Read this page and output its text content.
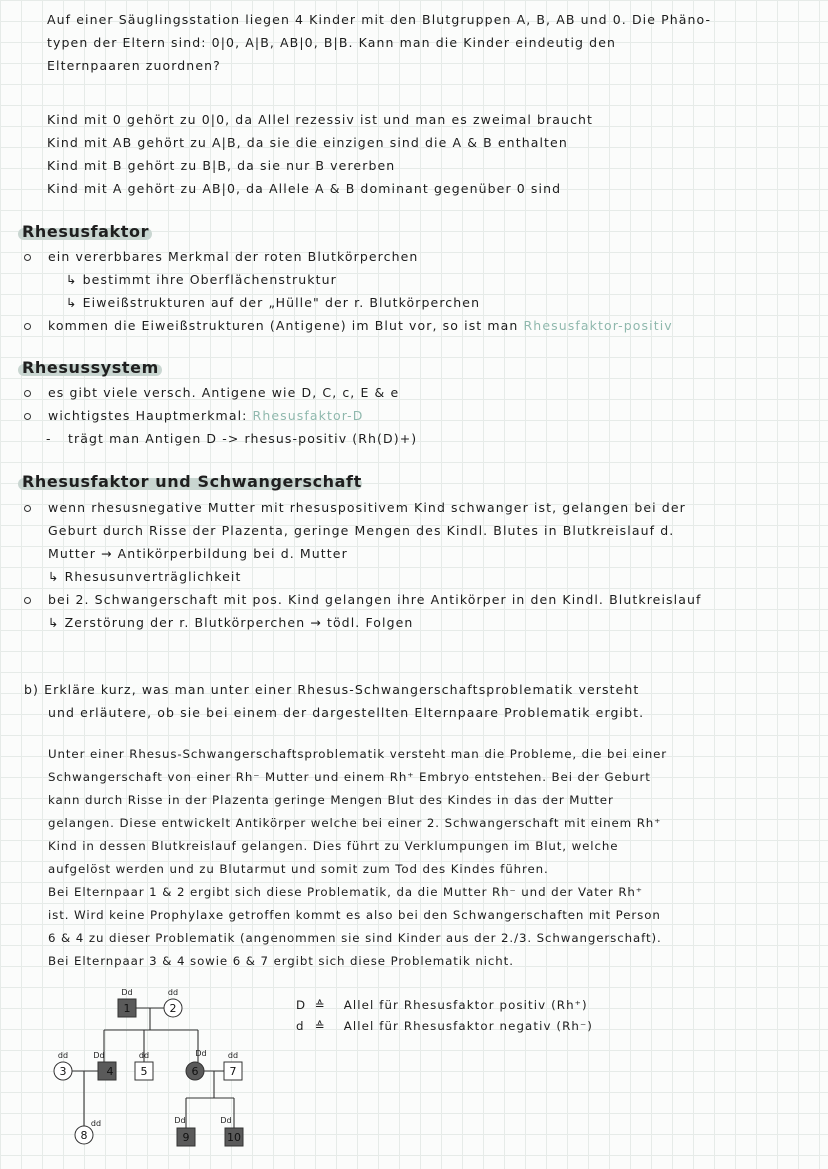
Auf einer Säuglingsstation liegen 4 Kinder mit den Blutgruppen A, B, AB und 0. Die Phäno-

typen der Eltern sind: 0|0, A|B, AB|0, B|B. Kann man die Kinder eindeutig den

Elternpaaren zuordnen?

Kind mit 0 gehört zu 0|0, da Allel rezessiv ist und man es zweimal braucht

Kind mit AB gehört zu A|B, da sie die einzigen sind die A & B enthalten

Kind mit B gehört zu B|B, da sie nur B vererben

Kind mit A gehört zu AB|0, da Allele A & B dominant gegenüber 0 sind

Rhesusfaktor
ein vererbbares Merkmal der roten Blutkörperchen
↳ bestimmt ihre Oberflächenstruktur
↳ Eiweißstrukturen auf der „Hülle" der r. Blutkörperchen
kommen die Eiweißstrukturen (Antigene) im Blut vor, so ist man Rhesusfaktor-positiv
Rhesussystem
es gibt viele versch. Antigene wie D, C, c, E & e
wichtigstes Hauptmerkmal: Rhesusfaktor-D
- trägt man Antigen D -> rhesus-positiv (Rh(D)+)
Rhesusfaktor und Schwangerschaft
wenn rhesusnegative Mutter mit rhesuspositivem Kind schwanger ist, gelangen bei der
Geburt durch Risse der Plazenta, geringe Mengen des Kindl. Blutes in Blutkreislauf d.
Mutter → Antikörperbildung bei d. Mutter
↳ Rhesusunverträglichkeit
bei 2. Schwangerschaft mit pos. Kind gelangen ihre Antikörper in den Kindl. Blutkreislauf
↳ Zerstörung der r. Blutkörperchen → tödl. Folgen

b) Erkläre kurz, was man unter einer Rhesus-Schwangerschaftsproblematik versteht

und erläutere, ob sie bei einem der dargestellten Elternpaare Problematik ergibt.

Unter einer Rhesus-Schwangerschaftsproblematik versteht man die Probleme, die bei einer

Schwangerschaft von einer Rh⁻ Mutter und einem Rh⁺ Embryo entstehen. Bei der Geburt

kann durch Risse in der Plazenta geringe Mengen Blut des Kindes in das der Mutter

gelangen. Diese entwickelt Antikörper welche bei einer 2. Schwangerschaft mit einem Rh⁺

Kind in dessen Blutkreislauf gelangen. Dies führt zu Verklumpungen im Blut, welche

aufgelöst werden und zu Blutarmut und somit zum Tod des Kindes führen.

Bei Elternpaar 1 & 2 ergibt sich diese Problematik, da die Mutter Rh⁻ und der Vater Rh⁺

ist. Wird keine Prophylaxe getroffen kommt es also bei den Schwangerschaften mit Person

6 & 4 zu dieser Problematik (angenommen sie sind Kinder aus der 2./3. Schwangerschaft).

Bei Elternpaar 3 & 4 sowie 6 & 7 ergibt sich diese Problematik nicht.

1	2
3	4 5	6	7
8	9	10
Dd	dd
dd	Dd	dd	Dd	dd
dd	Dd	Dd

D ≙ Allel für Rhesusfaktor positiv (Rh⁺)

d ≙ Allel für Rhesusfaktor negativ (Rh⁻)
